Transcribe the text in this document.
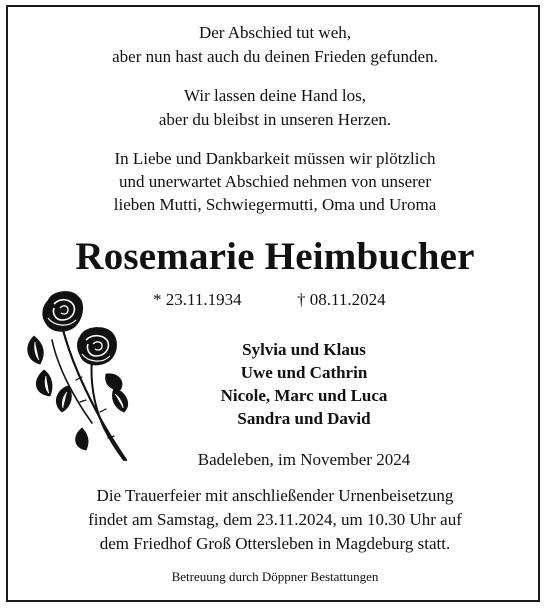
Der Abschied tut weh,
aber nun hast auch du deinen Frieden gefunden.
Wir lassen deine Hand los,
aber du bleibst in unseren Herzen.
In Liebe und Dankbarkeit müssen wir plötzlich
und unerwartet Abschied nehmen von unserer
lieben Mutti, Schwiegermutti, Oma und Uroma
Rosemarie Heimbucher
* 23.11.1934	† 08.11.2024
Sylvia und Klaus
Uwe und Cathrin
Nicole, Marc und Luca
Sandra und David
Badeleben, im November 2024
Die Trauerfeier mit anschließender Urnenbeisetzung
findet am Samstag, dem 23.11.2024, um 10.30 Uhr auf
dem Friedhof Groß Ottersleben in Magdeburg statt.
Betreuung durch Döppner Bestattungen
